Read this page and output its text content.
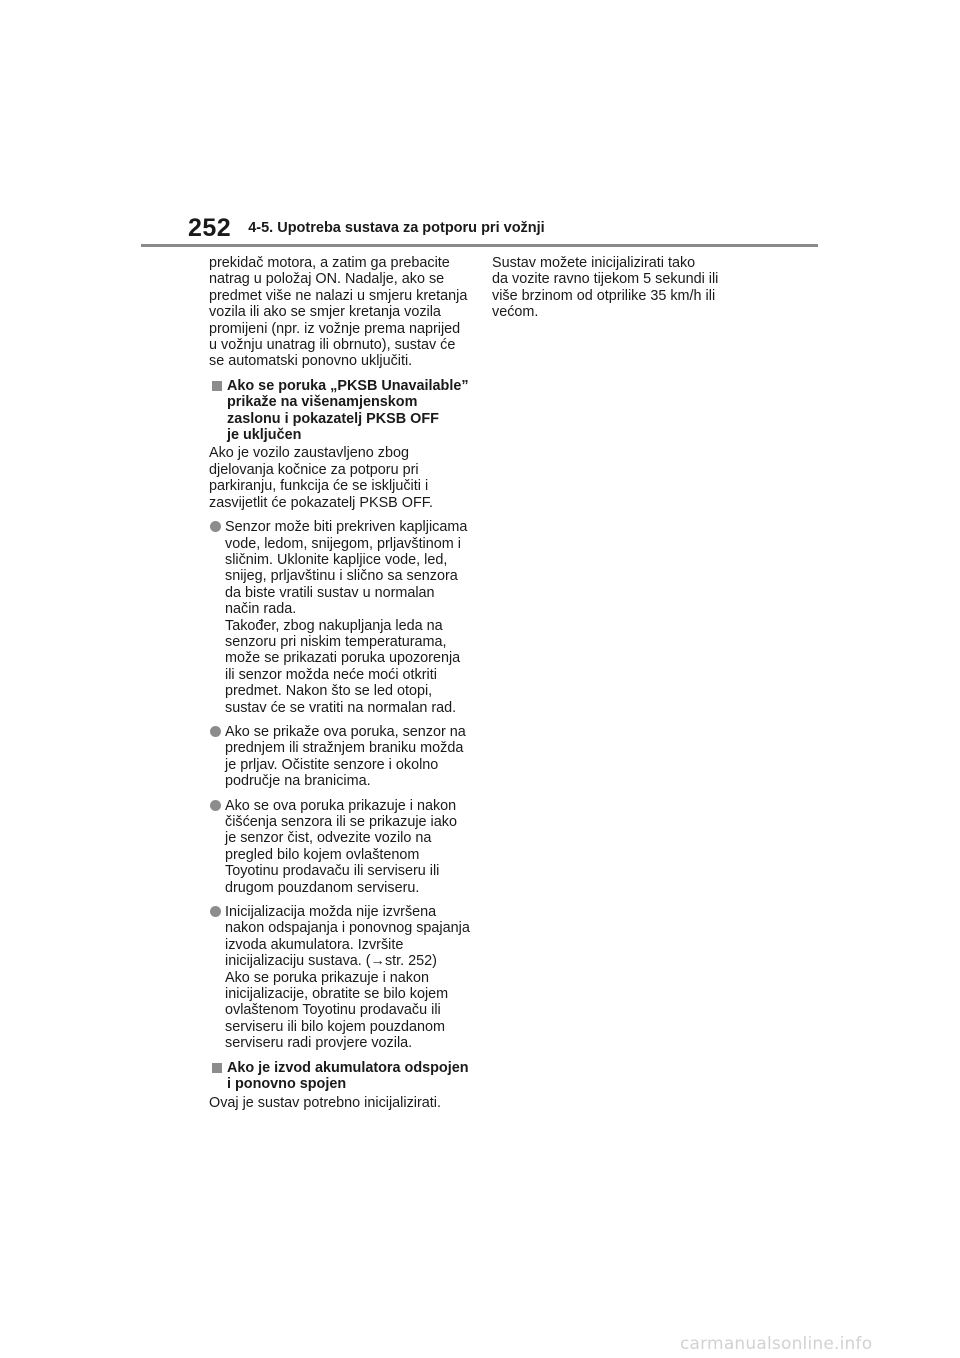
252 4-5. Upotreba sustava za potporu pri vožnji

prekidač motora, a zatim ga prebacite
natrag u položaj ON. Nadalje, ako se
predmet više ne nalazi u smjeru kretanja
vozila ili ako se smjer kretanja vozila
promijeni (npr. iz vožnje prema naprijed
u vožnju unatrag ili obrnuto), sustav će
se automatski ponovno uključiti.

Ako se poruka „PKSB Unavailable”
prikaže na višenamjenskom
zaslonu i pokazatelj PKSB OFF
je uključen

Ako je vozilo zaustavljeno zbog
djelovanja kočnice za potporu pri
parkiranju, funkcija će se isključiti i
zasvijetlit će pokazatelj PKSB OFF.

Senzor može biti prekriven kapljicama
vode, ledom, snijegom, prljavštinom i
sličnim. Uklonite kapljice vode, led,
snijeg, prljavštinu i slično sa senzora
da biste vratili sustav u normalan
način rada.
Također, zbog nakupljanja leda na
senzoru pri niskim temperaturama,
može se prikazati poruka upozorenja
ili senzor možda neće moći otkriti
predmet. Nakon što se led otopi,
sustav će se vratiti na normalan rad.
Ako se prikaže ova poruka, senzor na
prednjem ili stražnjem braniku možda
je prljav. Očistite senzore i okolno
područje na branicima.
Ako se ova poruka prikazuje i nakon
čišćenja senzora ili se prikazuje iako
je senzor čist, odvezite vozilo na
pregled bilo kojem ovlaštenom
Toyotinu prodavaču ili serviseru ili
drugom pouzdanom serviseru.
Inicijalizacija možda nije izvršena
nakon odspajanja i ponovnog spajanja
izvoda akumulatora. Izvršite
inicijalizaciju sustava. (→str. 252)
Ako se poruka prikazuje i nakon
inicijalizacije, obratite se bilo kojem
ovlaštenom Toyotinu prodavaču ili
serviseru ili bilo kojem pouzdanom
serviseru radi provjere vozila.
Ako je izvod akumulatora odspojen
i ponovno spojen

Ovaj je sustav potrebno inicijalizirati.

Sustav možete inicijalizirati tako
da vozite ravno tijekom 5 sekundi ili
više brzinom od otprilike 35 km/h ili
većom.

carmanualsonline.info
